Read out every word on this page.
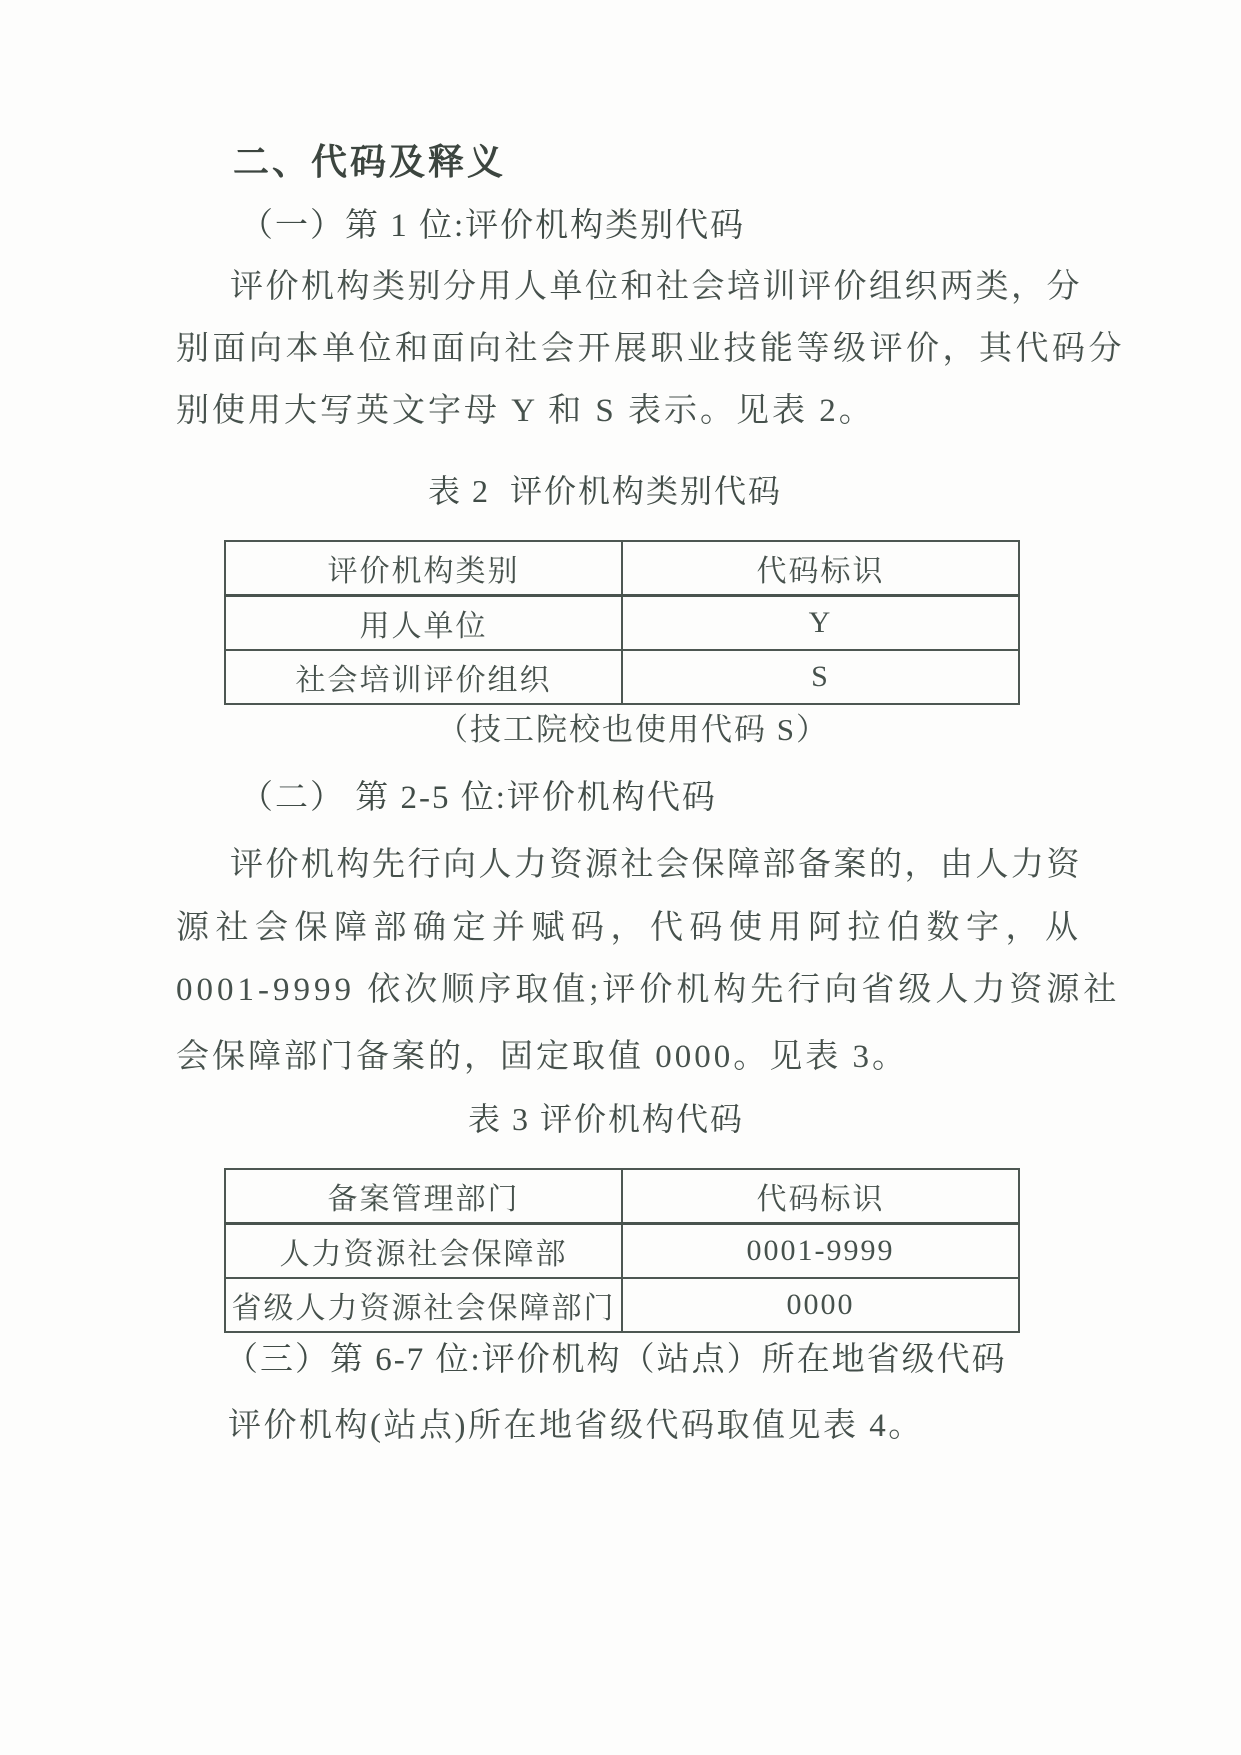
二、代码及释义
（一）第 1 位:评价机构类别代码
评价机构类别分用人单位和社会培训评价组织两类，分
别面向本单位和面向社会开展职业技能等级评价，其代码分
别使用大写英文字母 Y 和 S 表示。见表 2。
表 2  评价机构类别代码
评价机构类别	代码标识
用人单位	Y
社会培训评价组织	S
（技工院校也使用代码 S）
（二） 第 2-5 位:评价机构代码
评价机构先行向人力资源社会保障部备案的，由人力资
源社会保障部确定并赋码，代码使用阿拉伯数字，从
0001-9999 依次顺序取值;评价机构先行向省级人力资源社
会保障部门备案的，固定取值 0000。见表 3。
表 3 评价机构代码
备案管理部门	代码标识
人力资源社会保障部	0001-9999
省级人力资源社会保障部门	0000
（三）第 6-7 位:评价机构（站点）所在地省级代码
评价机构(站点)所在地省级代码取值见表 4。
